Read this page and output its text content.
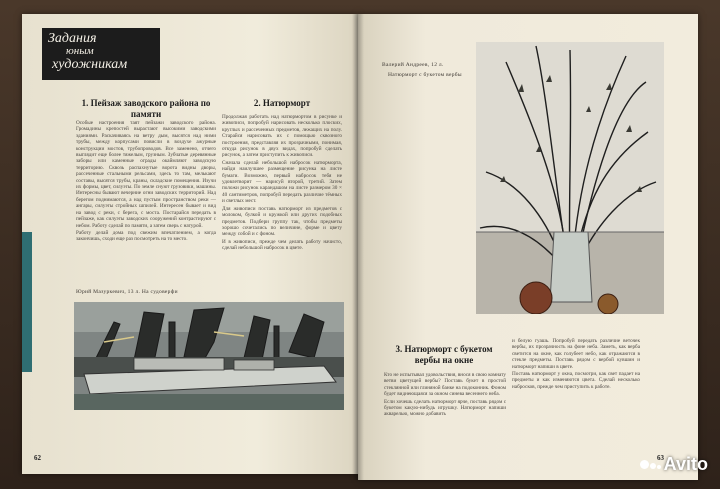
Задания
юным
художникам
1. Пейзаж заводского района по памяти
2. Натюрморт

Особые настроения таят пейзажи заводского района. Громадины крепостей вырастают высокими заводскими зданиями. Раскачиваясь на ветру дым, высятся над ними трубы, между корпусами повисли в воздухе ажурные конструкции мостов, трубопроводов. Все заменено, отчего выглядит еще более тяжелым, грузным. Зубчатые деревянные заборы или каменные ограды окаймляют заводскую территорию. Сквозь распахнутые ворота видны дворы, рассеченные стальными рельсами, здесь то там, мелькают составы, высятся трубы, краны, складские помещения. Изучи их формы, цвет, силуэты. По земле снуют грузовики, машины. Интересны бывают вечерние огни заводских территорий. Над берегом поднимаются, а над пустым пространством реки — ангары, силуэты стройных шпилей. Интересен бывает и вид на завод с реки, с берега, с моста. Постарайся передать в пейзаже, как силуэты заводских сооружений контрастируют с небом. Работу сделай по памяти, а затем сверь с натурой.

Работу делай дома под свежим впечатлением, а когда закончишь, сходи еще раз посмотреть на то место.

Продолжая работать над натюрмортом в рисунке и живописи, попробуй нарисовать несколько плоских, круглых и рассеченных предметов, лежащих на полу. Старайся нарисовать их с помощью сквозного построения, представляя их прозрачными, понимая, откуда рисунок в двух видах, попробуй сделать рисунок, а затем приступить к живописи.

Сначала сделай небольшой набросок натюрморта, найди наилучшее размещение рисунка на листе бумаги. Возможно, первый набросок тебя не удовлетворит — нарисуй второй, третий. Затем положи рисунок карандашом на листе размером 30 × 40 сантиметров, попробуй передать различие тёмных и светлых мест.

Для живописи поставь натюрморт из предметов с молоком, булкой и кружкой или других подобных предметов. Подбери группу так, чтобы предметы хорошо сочетались по величине, форме и цвету между собой и с фоном.

И в живописи, прежде чем делать работу начисто, сделай небольшой набросок в цвете.

Юрий Мазуркевич, 13 л. На судоверфи
62
Валерий Андреев, 12 л.
Натюрморт с букетом вербы
3. Натюрморт с букетом вербы на окне

Кто не испытывал удовольствия, внося в свою комнату ветви цветущей вербы? Поставь букет в простой стеклянной или глиняной банке на подоконник. Фоном будет виднеющаяся за окном синева весеннего неба.

Если хочешь сделать натюрморт ярче, поставь рядом с букетом какую-нибудь игрушку. Натюрморт напиши акварелью, можно добавить

и белую гуашь. Попробуй передать различие веточек вербы, их прозрачность на фоне неба. Заметь, как верба светится на окне, как голубеет небо, как отражаются в стекле предметы. Поставь рядом с вербой кувшин и натюрморт напиши в цвете.

Поставь натюрморт у окна, посмотри, как свет падает на предметы и как изменяются цвета. Сделай несколько набросков, прежде чем приступить к работе.

63 Avito
